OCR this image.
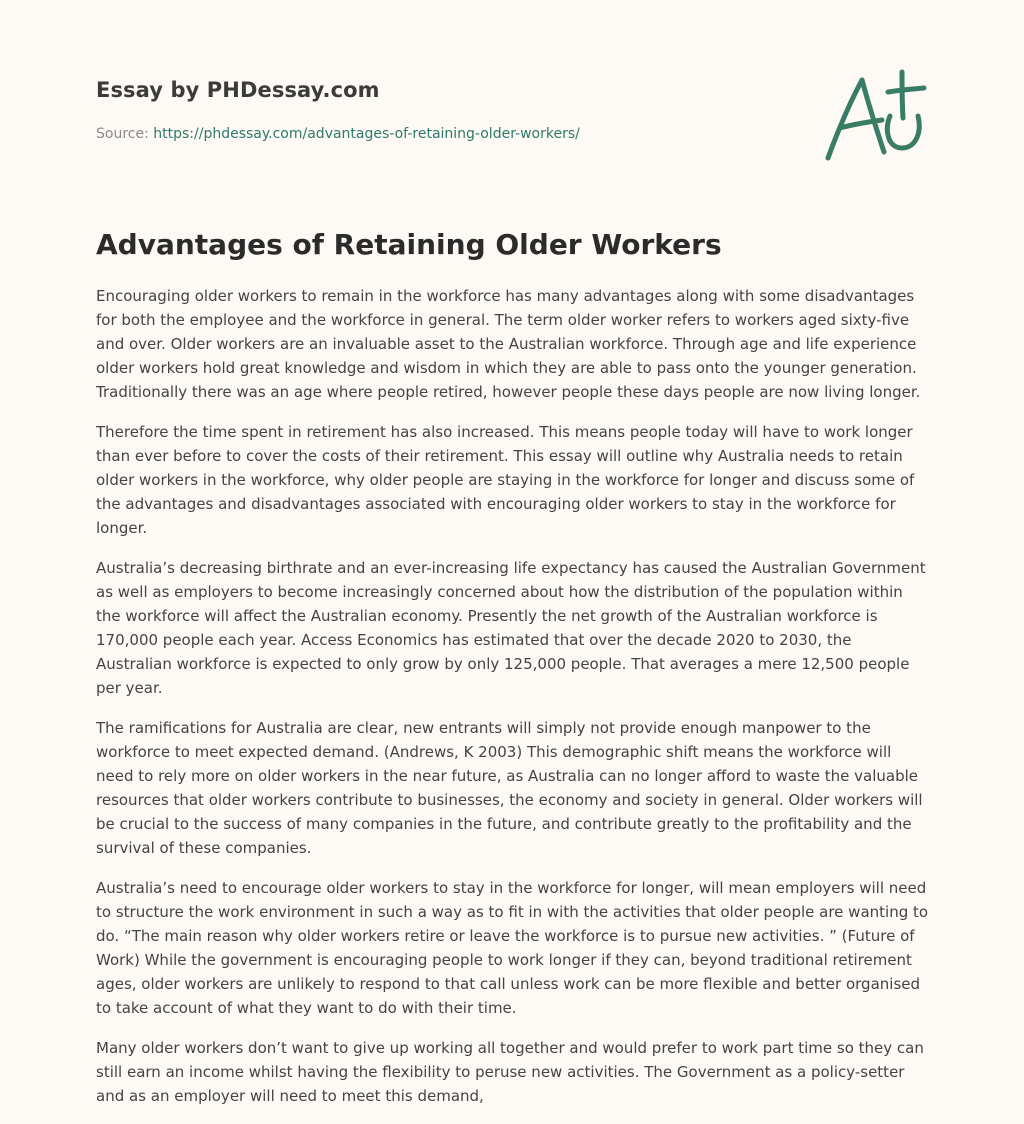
Essay by PHDessay.com
Source: https://phdessay.com/advantages-of-retaining-older-workers/
Advantages of Retaining Older Workers

Encouraging older workers to remain in the workforce has many advantages along with some disadvantages for both the employee and the workforce in general. The term older worker refers to workers aged sixty-five and over. Older workers are an invaluable asset to the Australian workforce. Through age and life experience older workers hold great knowledge and wisdom in which they are able to pass onto the younger generation. Traditionally there was an age where people retired, however people these days people are now living longer.

Therefore the time spent in retirement has also increased. This means people today will have to work longer than ever before to cover the costs of their retirement. This essay will outline why Australia needs to retain older workers in the workforce, why older people are staying in the workforce for longer and discuss some of the advantages and disadvantages associated with encouraging older workers to stay in the workforce for longer.

Australia’s decreasing birthrate and an ever-increasing life expectancy has caused the Australian Government as well as employers to become increasingly concerned about how the distribution of the population within the workforce will affect the Australian economy. Presently the net growth of the Australian workforce is 170,000 people each year. Access Economics has estimated that over the decade 2020 to 2030, the Australian workforce is expected to only grow by only 125,000 people. That averages a mere 12,500 people per year.

The ramifications for Australia are clear, new entrants will simply not provide enough manpower to the workforce to meet expected demand. (Andrews, K 2003) This demographic shift means the workforce will need to rely more on older workers in the near future, as Australia can no longer afford to waste the valuable resources that older workers contribute to businesses, the economy and society in general. Older workers will be crucial to the success of many companies in the future, and contribute greatly to the profitability and the survival of these companies.

Australia’s need to encourage older workers to stay in the workforce for longer, will mean employers will need to structure the work environment in such a way as to fit in with the activities that older people are wanting to do. “The main reason why older workers retire or leave the workforce is to pursue new activities. ” (Future of Work) While the government is encouraging people to work longer if they can, beyond traditional retirement ages, older workers are unlikely to respond to that call unless work can be more flexible and better organised to take account of what they want to do with their time.

Many older workers don’t want to give up working all together and would prefer to work part time so they can still earn an income whilst having the flexibility to peruse new activities. The Government as a policy-setter and as an employer will need to meet this demand,
